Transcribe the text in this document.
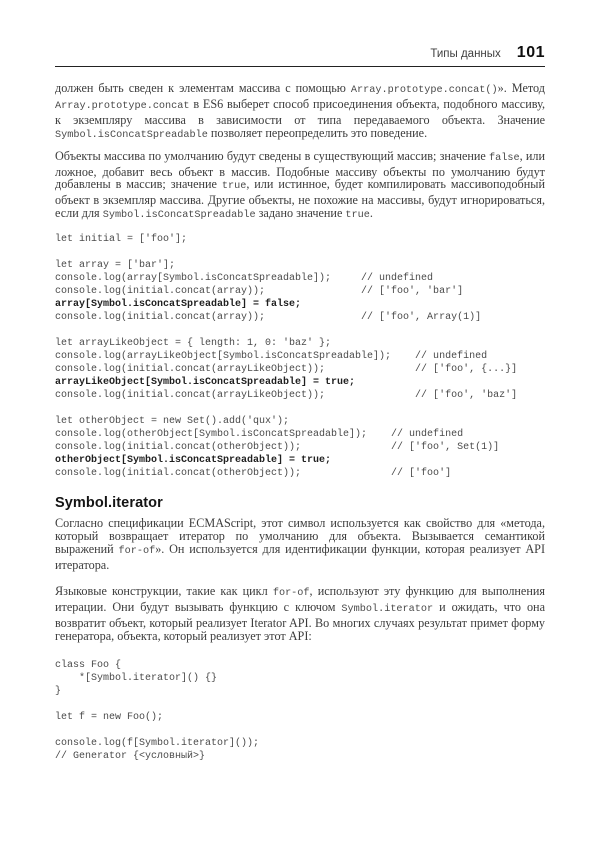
Типы данных 101

должен быть сведен к элементам массива с помощью Array.prototype.concat()». Метод Array.prototype.concat в ES6 выберет способ присоединения объекта, подобного массиву, к экземпляру массива в зависимости от типа передаваемого объекта. Значение Symbol.isConcatSpreadable позволяет переопределить это поведение.

Объекты массива по умолчанию будут сведены в существующий массив; значение false, или ложное, добавит весь объект в массив. Подобные массиву объекты по умолчанию будут добавлены в массив; значение true, или истинное, будет компилировать массивоподобный объект в экземпляр массива. Другие объекты, не похожие на массивы, будут игнорироваться, если для Symbol.isConcatSpreadable задано значение true.

let initial = ['foo'];

let array = ['bar'];
console.log(array[Symbol.isConcatSpreadable]);     // undefined
console.log(initial.concat(array));                // ['foo', 'bar']
array[Symbol.isConcatSpreadable] = false;
console.log(initial.concat(array));                // ['foo', Array(1)]

let arrayLikeObject = { length: 1, 0: 'baz' };
console.log(arrayLikeObject[Symbol.isConcatSpreadable]);    // undefined
console.log(initial.concat(arrayLikeObject));               // ['foo', {...}]
arrayLikeObject[Symbol.isConcatSpreadable] = true;
console.log(initial.concat(arrayLikeObject));               // ['foo', 'baz']

let otherObject = new Set().add('qux');
console.log(otherObject[Symbol.isConcatSpreadable]);    // undefined
console.log(initial.concat(otherObject));               // ['foo', Set(1)]
otherObject[Symbol.isConcatSpreadable] = true;
console.log(initial.concat(otherObject));               // ['foo']

Symbol.iterator

Согласно спецификации ECMAScript, этот символ используется как свойство для «метода, который возвращает итератор по умолчанию для объекта. Вызывается семантикой выражений for-of». Он используется для идентификации функции, которая реализует API итератора.

Языковые конструкции, такие как цикл for-of, используют эту функцию для выполнения итерации. Они будут вызывать функцию с ключом Symbol.iterator и ожидать, что она возвратит объект, который реализует Iterator API. Во многих случаях результат примет форму генератора, объекта, который реализует этот API:

class Foo {
*[Symbol.iterator]() {}
}

let f = new Foo();

console.log(f[Symbol.iterator]());
// Generator {<условный>}
